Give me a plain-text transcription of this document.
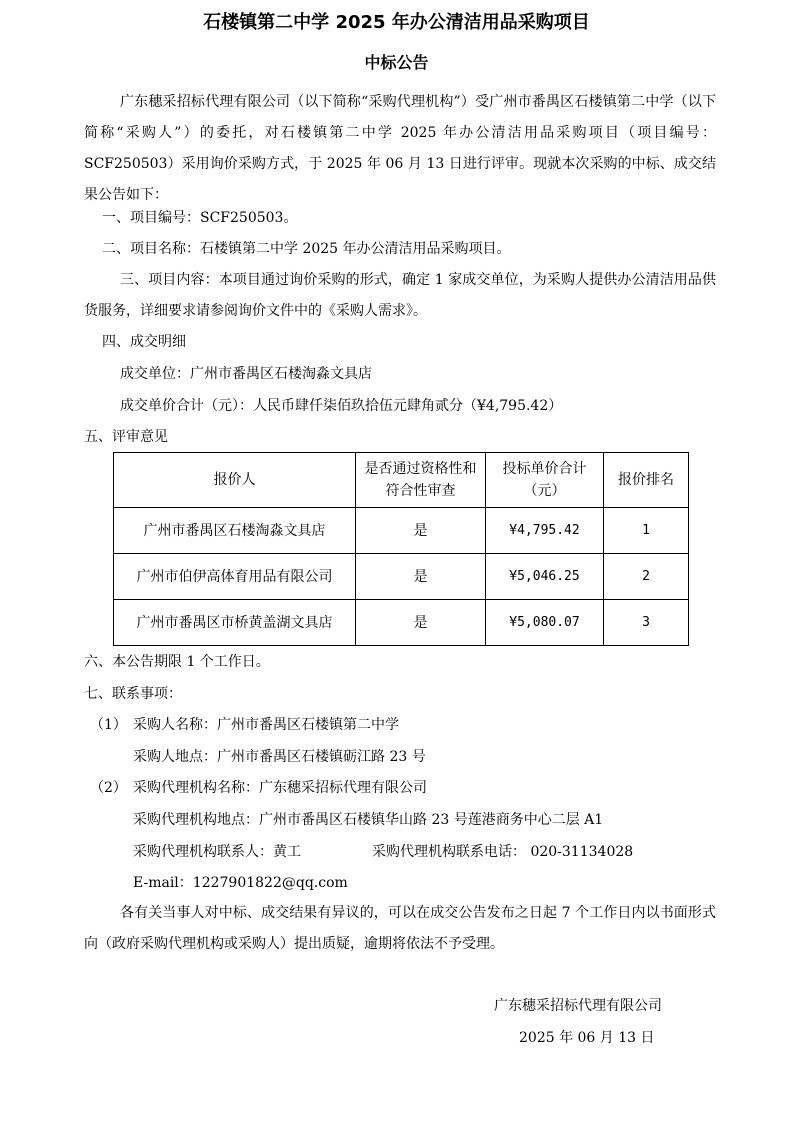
石楼镇第二中学 2025 年办公清洁用品采购项目
中标公告
广东穗采招标代理有限公司（以下简称“采购代理机构”）受广州市番禺区石楼镇第二中学（以下简称“采购人”）的委托，对石楼镇第二中学 2025 年办公清洁用品采购项目（项目编号：SCF250503）采用询价采购方式，于 2025 年 06 月 13 日进行评审。现就本次采购的中标、成交结果公告如下：
一、项目编号：SCF250503。
二、项目名称：石楼镇第二中学 2025 年办公清洁用品采购项目。
三、项目内容：本项目通过询价采购的形式，确定 1 家成交单位，为采购人提供办公清洁用品供货服务，详细要求请参阅询价文件中的《采购人需求》。
四、成交明细
成交单位：广州市番禺区石楼淘淼文具店
成交单价合计（元）：人民币肆仟柒佰玖拾伍元肆角贰分（¥4,795.42）
五、评审意见
报价人	是否通过资格性和符合性审查	投标单价合计（元）	报价排名
广州市番禺区石楼淘淼文具店	是	¥4,795.42	1
广州市伯伊高体育用品有限公司	是	¥5,046.25	2
广州市番禺区市桥黄盖湖文具店	是	¥5,080.07	3
六、本公告期限 1 个工作日。
七、联系事项：
（1） 采购人名称：广州市番禺区石楼镇第二中学
采购人地点：广州市番禺区石楼镇砺江路 23 号
（2） 采购代理机构名称：广东穗采招标代理有限公司
采购代理机构地点：广州市番禺区石楼镇华山路 23 号莲港商务中心二层 A1
采购代理机构联系人：黄工	采购代理机构联系电话： 020-31134028
E-mail：1227901822@qq.com
各有关当事人对中标、成交结果有异议的，可以在成交公告发布之日起 7 个工作日内以书面形式向（政府采购代理机构或采购人）提出质疑，逾期将依法不予受理。
广东穗采招标代理有限公司
2025 年 06 月 13 日
